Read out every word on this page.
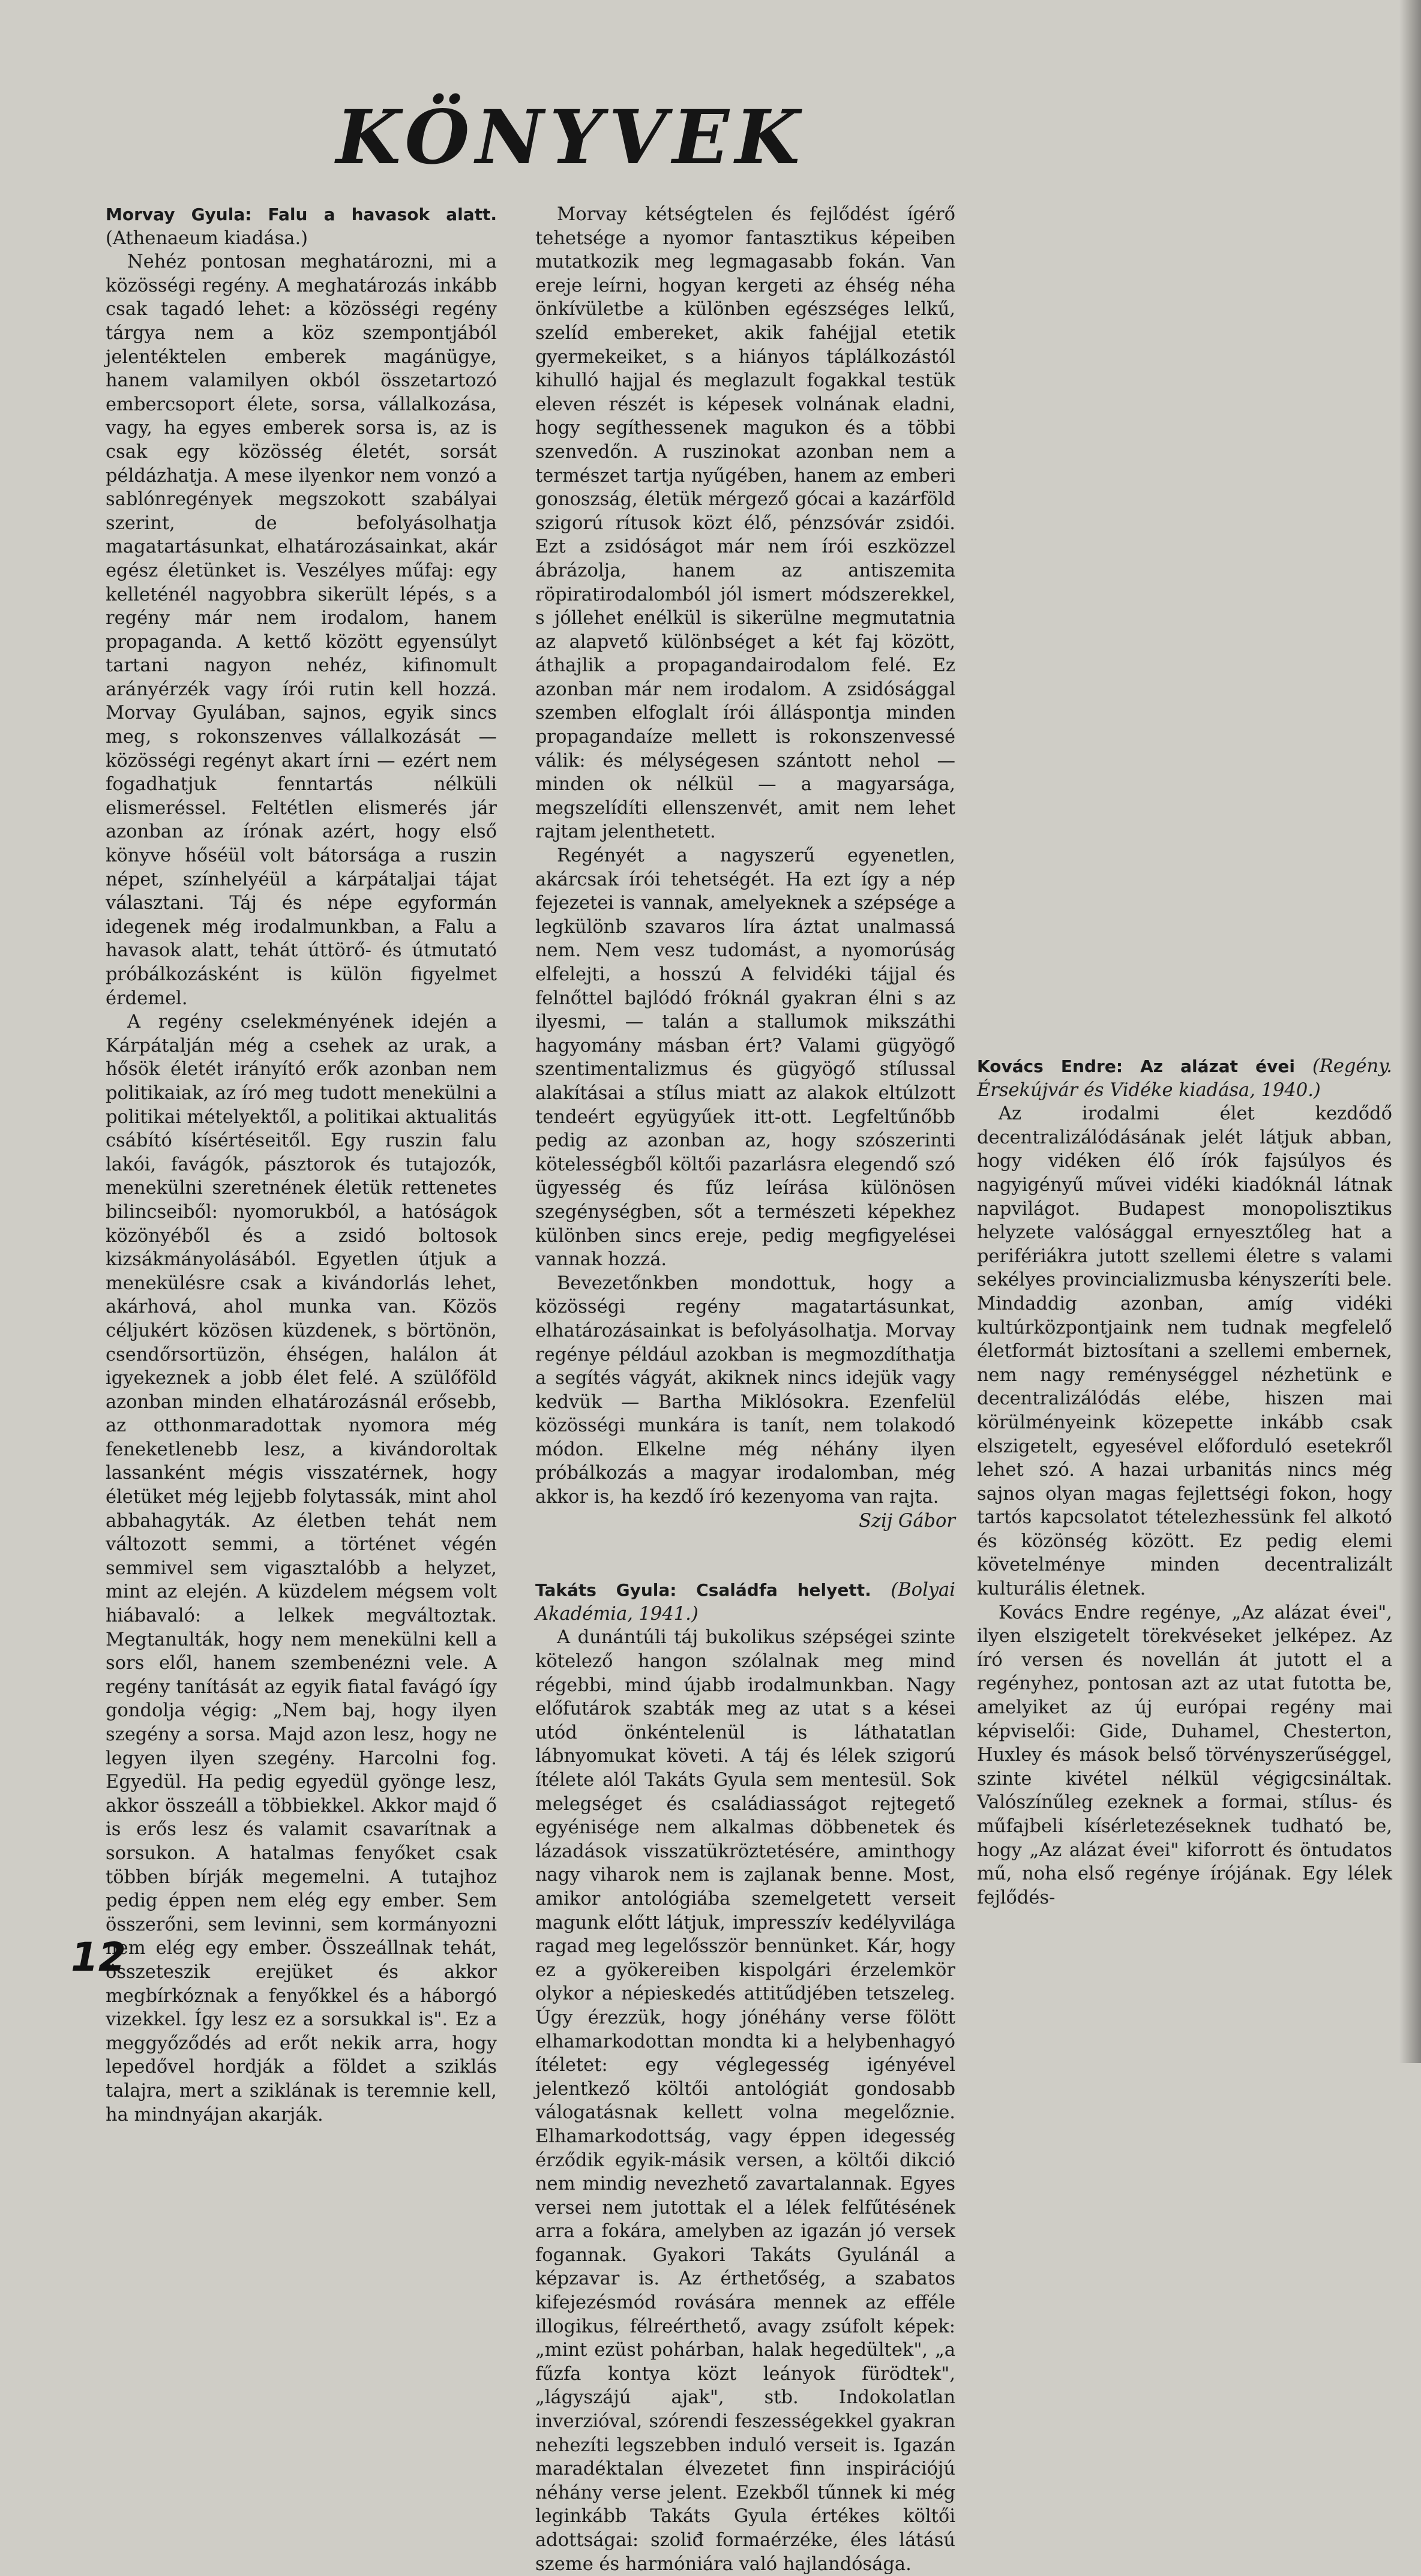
KÖNYVEK

Morvay Gyula: Falu a havasok alatt. (Athenaeum kiadása.)

Nehéz pontosan meghatározni, mi a közösségi regény. A meghatározás inkább csak tagadó lehet: a közösségi regény tárgya nem a köz szempontjából jelentéktelen emberek magánügye, hanem valamilyen okból összetartozó embercsoport élete, sorsa, vállalkozása, vagy, ha egyes emberek sorsa is, az is csak egy közösség életét, sorsát példázhatja. A mese ilyenkor nem vonzó a sablónregények megszokott szabályai szerint, de befolyásolhatja magatartásunkat, elhatározásainkat, akár egész életünket is. Veszélyes műfaj: egy kelleténél nagyobbra sikerült lépés, s a regény már nem irodalom, hanem propaganda. A kettő között egyensúlyt tartani nagyon nehéz, kifinomult arányérzék vagy írói rutin kell hozzá. Morvay Gyulában, sajnos, egyik sincs meg, s rokonszenves vállalkozását — közösségi regényt akart írni — ezért nem fogadhatjuk fenntartás nélküli elismeréssel. Feltétlen elismerés jár azonban az írónak azért, hogy első könyve hőséül volt bátorsága a ruszin népet, színhelyéül a kárpátaljai tájat választani. Táj és népe egyformán idegenek még irodalmunkban, a Falu a havasok alatt, tehát úttörő- és útmutató próbálkozásként is külön figyelmet érdemel.

A regény cselekményének idején a Kárpátalján még a csehek az urak, a hősök életét irányító erők azonban nem politikaiak, az író meg tudott menekülni a politikai mételyektől, a politikai aktualitás csábító kísértéseitől. Egy ruszin falu lakói, favágók, pásztorok és tutajozók, menekülni szeretnének életük rettenetes bilincseiből: nyomorukból, a hatóságok közönyéből és a zsidó boltosok kizsákmányolásából. Egyetlen útjuk a menekülésre csak a kivándorlás lehet, akárhová, ahol munka van. Közös céljukért közösen küzdenek, s börtönön, csendőrsortüzön, éhségen, halálon át igyekeznek a jobb élet felé. A szülőföld azonban minden elhatározásnál erősebb, az otthonmaradottak nyomora még feneketlenebb lesz, a kivándoroltak lassanként mégis visszatérnek, hogy életüket még lejjebb folytassák, mint ahol abbahagyták. Az életben tehát nem változott semmi, a történet végén semmivel sem vigasztalóbb a helyzet, mint az elején. A küzdelem mégsem volt hiábavaló: a lelkek megváltoztak. Megtanulták, hogy nem menekülni kell a sors elől, hanem szembenézni vele. A regény tanítását az egyik fiatal favágó így gondolja végig: „Nem baj, hogy ilyen szegény a sorsa. Majd azon lesz, hogy ne legyen ilyen szegény. Harcolni fog. Egyedül. Ha pedig egyedül gyönge lesz, akkor összeáll a többiekkel. Akkor majd ő is erős lesz és valamit csavarítnak a sorsukon. A hatalmas fenyőket csak többen bírják megemelni. A tutajhoz pedig éppen nem elég egy ember. Sem összerőni, sem levinni, sem kormányozni nem elég egy ember. Összeállnak tehát, összeteszik erejüket és akkor megbírkóznak a fenyőkkel és a háborgó vizekkel. Így lesz ez a sorsukkal is". Ez a meggyőződés ad erőt nekik arra, hogy lepedővel hordják a földet a sziklás talajra, mert a sziklának is teremnie kell, ha mindnyájan akarják.

Morvay kétségtelen és fejlődést ígérő tehetsége a nyomor fantasztikus képeiben mutatkozik meg legmagasabb fokán. Van ereje leírni, hogyan kergeti az éhség néha önkívületbe a különben egészséges lelkű, szelíd embereket, akik fahéjjal etetik gyermekeiket, s a hiányos táplálkozástól kihulló hajjal és meglazult fogakkal testük eleven részét is képesek volnának eladni, hogy segíthessenek magukon és a többi szenvedőn. A ruszinokat azonban nem a természet tartja nyűgében, hanem az emberi gonoszság, életük mérgező gócai a kazárföld szigorú rítusok közt élő, pénzsóvár zsidói. Ezt a zsidóságot már nem írói eszközzel ábrázolja, hanem az antiszemita röpiratirodalomból jól ismert módszerekkel, s jóllehet enélkül is sikerülne megmutatnia az alapvető különbséget a két faj között, áthajlik a propagandairodalom felé. Ez azonban már nem irodalom. A zsidósággal szemben elfoglalt írói álláspontja minden propagandaíze mellett is rokonszenvessé válik: és mélységesen szántott nehol — minden ok nélkül — a magyarsága, megszelídíti ellenszenvét, amit nem lehet rajtam jelenthetett.

Regényét a nagyszerű egyenetlen, akárcsak írói tehetségét. Ha ezt így a nép fejezetei is vannak, amelyeknek a szépsége a legkülönb szavaros líra áztat unalmassá nem. Nem vesz tudomást, a nyomorúság elfelejti, a hosszú A felvidéki tájjal és felnőttel bajlódó fróknál gyakran élni s az ilyesmi, — talán a stallumok mikszáthi hagyomány másban ért? Valami gügyögő szentimentalizmus és gügyögő stílussal alakításai a stílus miatt az alakok eltúlzott tendeért együgyűek itt-ott. Legfeltűnőbb pedig az azonban az, hogy szószerinti kötelességből költői pazarlásra elegendő szó ügyesség és fűz leírása különösen szegénységben, sőt a természeti képekhez különben sincs ereje, pedig megfigyelései vannak hozzá.

Bevezetőnkben mondottuk, hogy a közösségi regény magatartásunkat, elhatározásainkat is befolyásolhatja. Morvay regénye például azokban is megmozdíthatja a segítés vágyát, akiknek nincs idejük vagy kedvük — Bartha Miklósokra. Ezenfelül közösségi munkára is tanít, nem tolakodó módon. Elkelne még néhány ilyen próbálkozás a magyar irodalomban, még akkor is, ha kezdő író kezenyoma van rajta.

Szij Gábor

Takáts Gyula: Családfa helyett. (Bolyai Akadémia, 1941.)

A dunántúli táj bukolikus szépségei szinte kötelező hangon szólalnak meg mind régebbi, mind újabb irodalmunkban. Nagy előfutárok szabták meg az utat s a kései utód önkéntelenül is láthatatlan lábnyomukat követi. A táj és lélek szigorú ítélete alól Takáts Gyula sem mentesül. Sok melegséget és családiasságot rejtegető egyénisége nem alkalmas döbbenetek és lázadások visszatükröztetésére, aminthogy nagy viharok nem is zajlanak benne. Most, amikor antológiába szemelgetett verseit magunk előtt látjuk, impresszív kedélyvilága ragad meg legelősször bennünket. Kár, hogy ez a gyökereiben kispolgári érzelemkör olykor a népieskedés attitűdjében tetszeleg. Úgy érezzük, hogy jónéhány verse fölött elhamarkodottan mondta ki a helybenhagyó ítéletet: egy véglegesség igényével jelentkező költői antológiát gondosabb válogatásnak kellett volna megelőznie. Elhamarkodottság, vagy éppen idegesség érződik egyik-másik versen, a költői dikció nem mindig nevezhető zavartalannak. Egyes versei nem jutottak el a lélek felfűtésének arra a fokára, amelyben az igazán jó versek fogannak. Gyakori Takáts Gyulánál a képzavar is. Az érthetőség, a szabatos kifejezésmód rovására mennek az efféle illogikus, félreérthető, avagy zsúfolt képek: „mint ezüst pohárban, halak hegedültek", „a fűzfa kontya közt leányok fürödtek", „lágyszájú ajak", stb. Indokolatlan inverzióval, szórendi feszességekkel gyakran nehezíti legszebben induló verseit is. Igazán maradéktalan élvezetet finn inspirációjú néhány verse jelent. Ezekből tűnnek ki még leginkább Takáts Gyula értékes költői adottságai: szoliđ formaérzéke, éles látású szeme és harmóniára való hajlandósága.

Kovács Endre: Az alázat évei (Regény. Érsekújvár és Vidéke kiadása, 1940.)

Az irodalmi élet kezdődő decentralizálódásának jelét látjuk abban, hogy vidéken élő írók fajsúlyos és nagyigényű művei vidéki kiadóknál látnak napvilágot. Budapest monopolisztikus helyzete valósággal ernyesztőleg hat a perifériákra jutott szellemi életre s valami sekélyes provincializmusba kényszeríti bele. Mindaddig azonban, amíg vidéki kultúrközpontjaink nem tudnak megfelelő életformát biztosítani a szellemi embernek, nem nagy reménységgel nézhetünk e decentralizálódás elébe, hiszen mai körülményeink közepette inkább csak elszigetelt, egyesével előforduló esetekről lehet szó. A hazai urbanitás nincs még sajnos olyan magas fejlettségi fokon, hogy tartós kapcsolatot tételezhessünk fel alkotó és közönség között. Ez pedig elemi követelménye minden decentralizált kulturális életnek.

Kovács Endre regénye, „Az alázat évei", ilyen elszigetelt törekvéseket jelképez. Az író versen és novellán át jutott el a regényhez, pontosan azt az utat futotta be, amelyiket az új európai regény mai képviselői: Gide, Duhamel, Chesterton, Huxley és mások belső törvényszerűséggel, szinte kivétel nélkül végigcsináltak. Valószínűleg ezeknek a formai, stílus- és műfajbeli kísérletezéseknek tudható be, hogy „Az alázat évei" kiforrott és öntudatos mű, noha első regénye írójának. Egy lélek fejlődés-

12
